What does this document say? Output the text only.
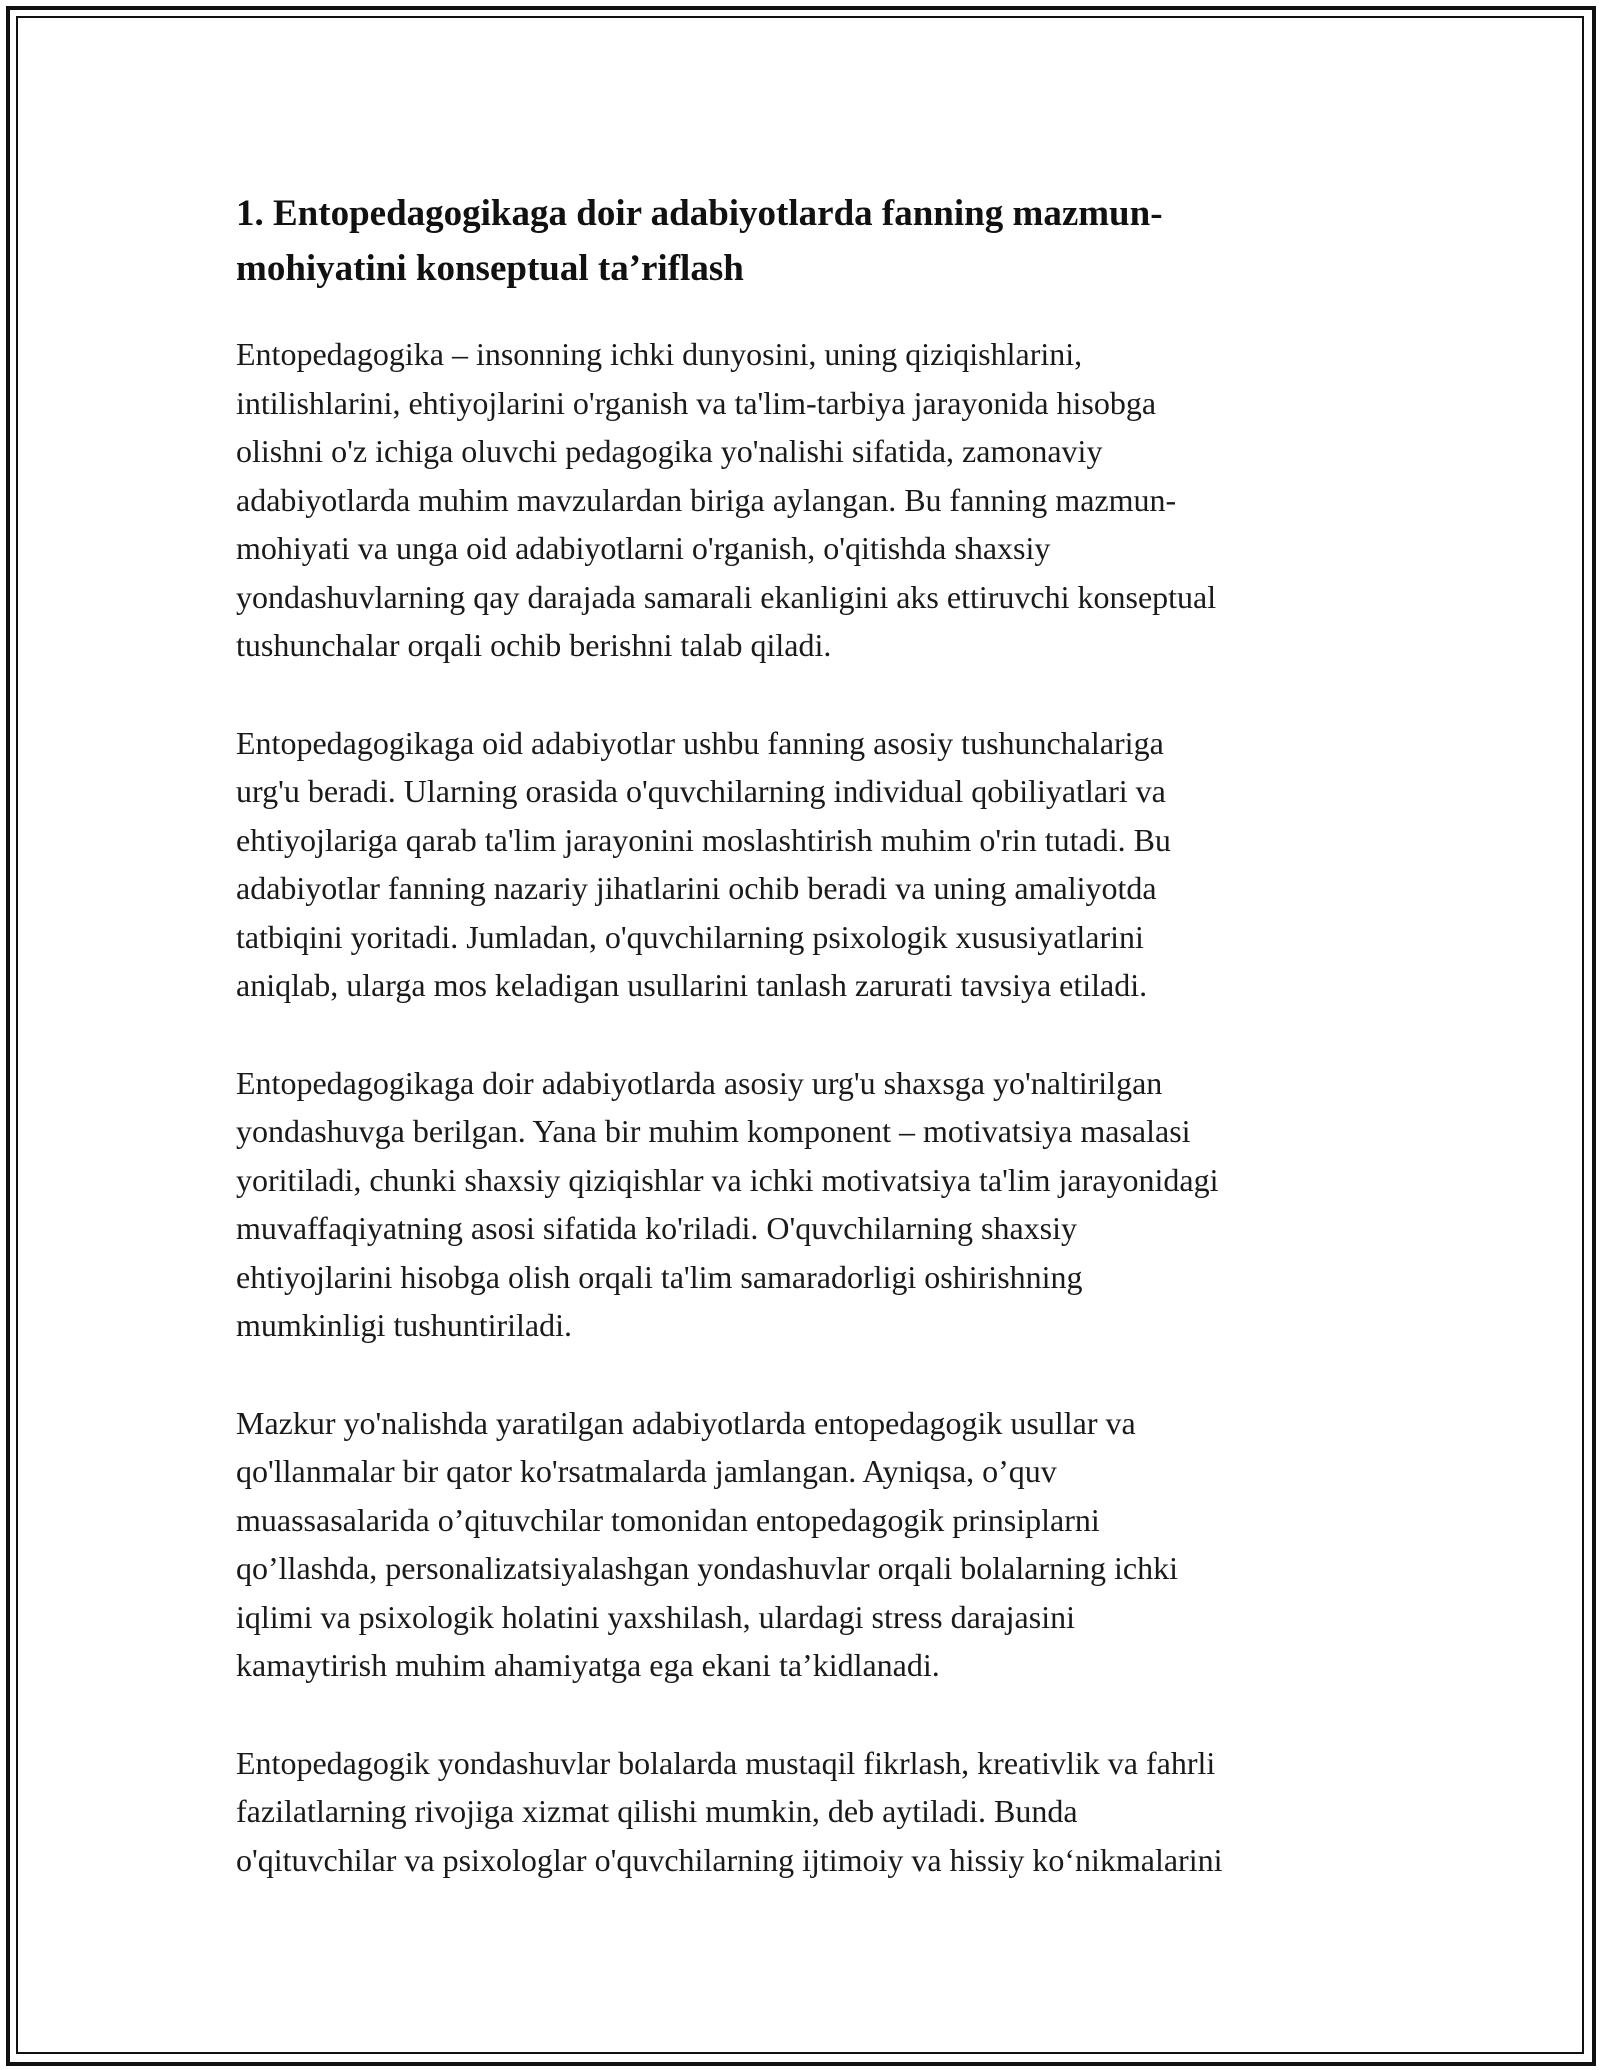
1. Entopedagogikaga doir adabiyotlarda fanning mazmun-
mohiyatini konseptual ta’riflash

Entopedagogika – insonning ichki dunyosini, uning qiziqishlarini,
intilishlarini, ehtiyojlarini o'rganish va ta'lim-tarbiya jarayonida hisobga
olishni o'z ichiga oluvchi pedagogika yo'nalishi sifatida, zamonaviy
adabiyotlarda muhim mavzulardan biriga aylangan. Bu fanning mazmun-
mohiyati va unga oid adabiyotlarni o'rganish, o'qitishda shaxsiy
yondashuvlarning qay darajada samarali ekanligini aks ettiruvchi konseptual
tushunchalar orqali ochib berishni talab qiladi.

Entopedagogikaga oid adabiyotlar ushbu fanning asosiy tushunchalariga
urg'u beradi. Ularning orasida o'quvchilarning individual qobiliyatlari va
ehtiyojlariga qarab ta'lim jarayonini moslashtirish muhim o'rin tutadi. Bu
adabiyotlar fanning nazariy jihatlarini ochib beradi va uning amaliyotda
tatbiqini yoritadi. Jumladan, o'quvchilarning psixologik xususiyatlarini
aniqlab, ularga mos keladigan usullarini tanlash zarurati tavsiya etiladi.

Entopedagogikaga doir adabiyotlarda asosiy urg'u shaxsga yo'naltirilgan
yondashuvga berilgan. Yana bir muhim komponent – motivatsiya masalasi
yoritiladi, chunki shaxsiy qiziqishlar va ichki motivatsiya ta'lim jarayonidagi
muvaffaqiyatning asosi sifatida ko'riladi. O'quvchilarning shaxsiy
ehtiyojlarini hisobga olish orqali ta'lim samaradorligi oshirishning
mumkinligi tushuntiriladi.

Mazkur yo'nalishda yaratilgan adabiyotlarda entopedagogik usullar va
qo'llanmalar bir qator ko'rsatmalarda jamlangan. Ayniqsa, o’quv
muassasalarida o’qituvchilar tomonidan entopedagogik prinsiplarni
qo’llashda, personalizatsiyalashgan yondashuvlar orqali bolalarning ichki
iqlimi va psixologik holatini yaxshilash, ulardagi stress darajasini
kamaytirish muhim ahamiyatga ega ekani ta’kidlanadi.

Entopedagogik yondashuvlar bolalarda mustaqil fikrlash, kreativlik va fahrli
fazilatlarning rivojiga xizmat qilishi mumkin, deb aytiladi. Bunda
o'qituvchilar va psixologlar o'quvchilarning ijtimoiy va hissiy ko‘nikmalarini
